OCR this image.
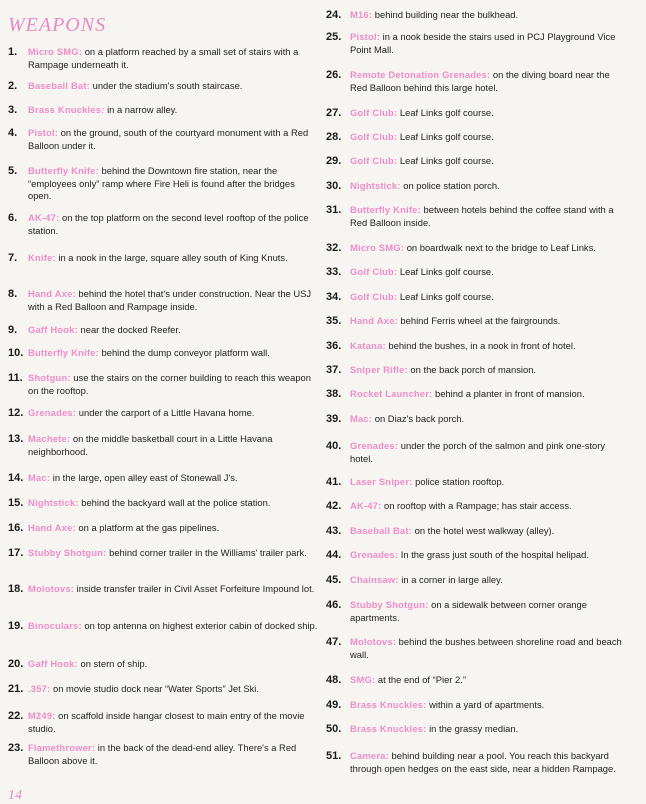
WEAPONS
1. Micro SMG: on a platform reached by a small set of stairs with a Rampage underneath it.
2. Baseball Bat: under the stadium's south staircase.
3. Brass Knuckles: in a narrow alley.
4. Pistol: on the ground, south of the courtyard monument with a Red Balloon under it.
5. Butterfly Knife: behind the Downtown fire station, near the “employees only” ramp where Fire Heli is found after the bridges open.
6. AK-47: on the top platform on the second level rooftop of the police station.
7. Knife: in a nook in the large, square alley south of King Knuts.
8. Hand Axe: behind the hotel that's under construction. Near the USJ with a Red Balloon and Rampage inside.
9. Gaff Hook: near the docked Reefer.
10. Butterfly Knife: behind the dump conveyor platform wall.
11. Shotgun: use the stairs on the corner building to reach this weapon on the rooftop.
12. Grenades: under the carport of a Little Havana home.
13. Machete: on the middle basketball court in a Little Havana neighborhood.
14. Mac: in the large, open alley east of Stonewall J's.
15. Nightstick: behind the backyard wall at the police station.
16. Hand Axe: on a platform at the gas pipelines.
17. Stubby Shotgun: behind corner trailer in the Williams' trailer park.
18. Molotovs: inside transfer trailer in Civil Asset Forfeiture Impound lot.
19. Binoculars: on top antenna on highest exterior cabin of docked ship.
20. Gaff Hook: on stern of ship.
21. .357: on movie studio dock near “Water Sports” Jet Ski.
22. M249: on scaffold inside hangar closest to main entry of the movie studio.
23. Flamethrower: in the back of the dead-end alley. There's a Red Balloon above it.
24. M16: behind building near the bulkhead.
25. Pistol: in a nook beside the stairs used in PCJ Playground Vice Point Mall.
26. Remote Detonation Grenades: on the diving board near the Red Balloon behind this large hotel.
27. Golf Club: Leaf Links golf course.
28. Golf Club: Leaf Links golf course.
29. Golf Club: Leaf Links golf course.
30. Nightstick: on police station porch.
31. Butterfly Knife: between hotels behind the coffee stand with a Red Balloon inside.
32. Micro SMG: on boardwalk next to the bridge to Leaf Links.
33. Golf Club: Leaf Links golf course.
34. Golf Club: Leaf Links golf course.
35. Hand Axe: behind Ferris wheel at the fairgrounds.
36. Katana: behind the bushes, in a nook in front of hotel.
37. Sniper Rifle: on the back porch of mansion.
38. Rocket Launcher: behind a planter in front of mansion.
39. Mac: on Diaz's back porch.
40. Grenades: under the porch of the salmon and pink one-story hotel.
41. Laser Sniper: police station rooftop.
42. AK-47: on rooftop with a Rampage; has stair access.
43. Baseball Bat: on the hotel west walkway (alley).
44. Grenades: In the grass just south of the hospital helipad.
45. Chainsaw: in a corner in large alley.
46. Stubby Shotgun: on a sidewalk between corner orange apartments.
47. Molotovs: behind the bushes between shoreline road and beach wall.
48. SMG: at the end of “Pier 2.”
49. Brass Knuckles: within a yard of apartments.
50. Brass Knuckles: in the grassy median.
51. Camera: behind building near a pool. You reach this backyard through open hedges on the east side, near a hidden Rampage.
14
